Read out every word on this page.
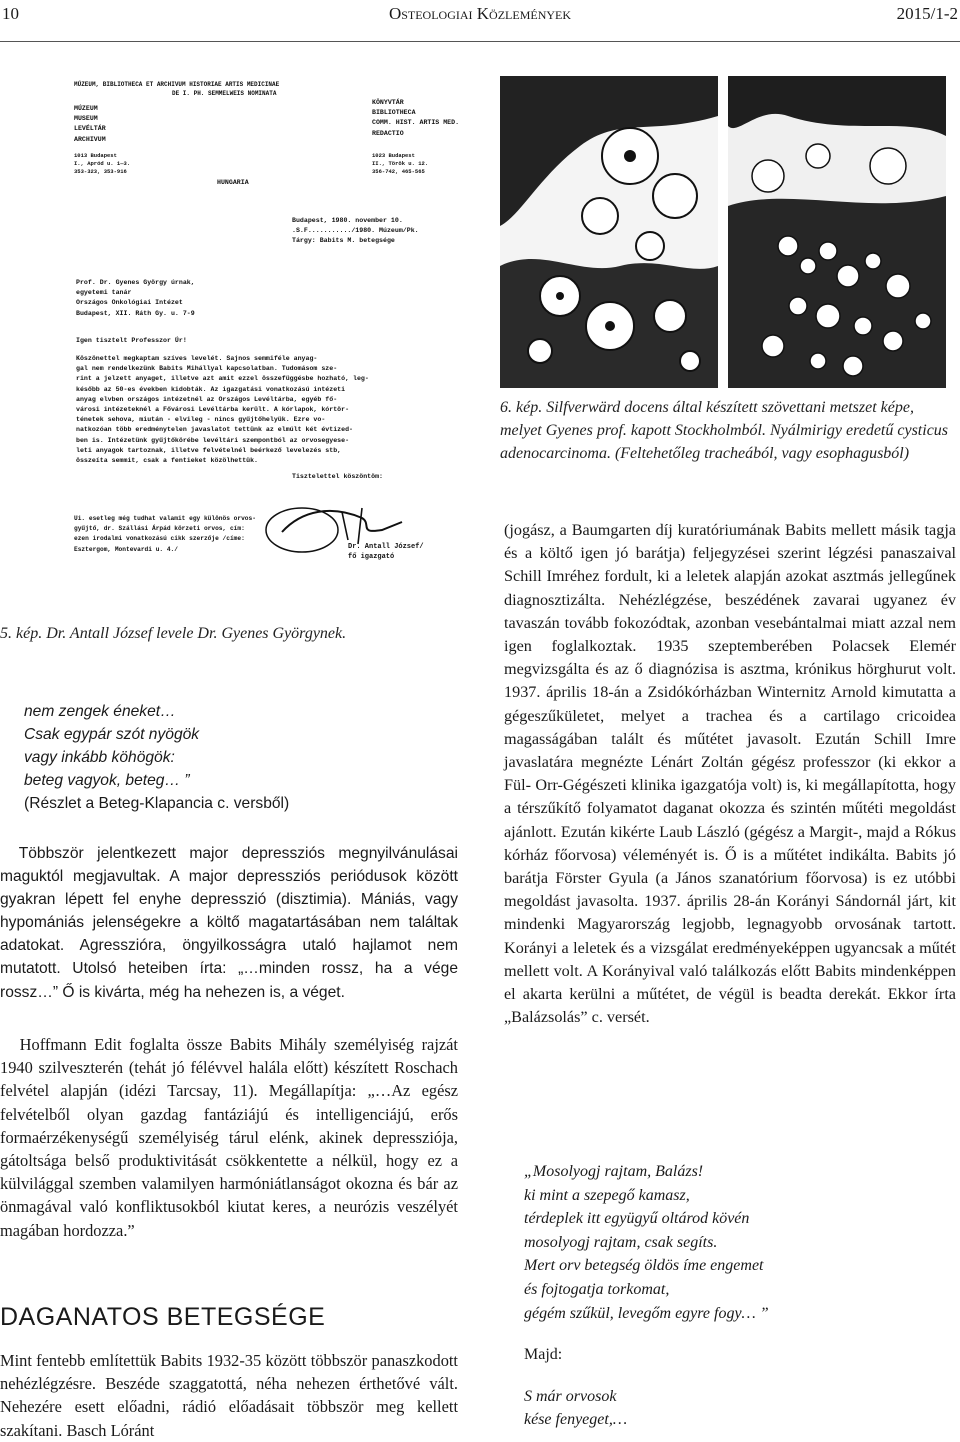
10	Osteologiai Közlemények	2015/1-2
MÚZEUM, BIBLIOTHECA ET ARCHIVUM HISTORIAE ARTIS MEDICINAE
DE I. PH. SEMMELWEIS NOMINATA
MÚZEUM
MUSEUM
LEVÉLTÁR
ARCHIVUM
KÖNYVTÁR
BIBLIOTHECA
COMM. HIST. ARTIS MED.
REDACTIO
1013 Budapest
I., Apród u. 1—3.
353-323, 353-916
1023 Budapest
II., Török u. 12.
356-742, 465-565
HUNGARIA
Budapest, 1980. november 10.
.S.F.........../1980. Múzeum/Pk.
Tárgy: Babits M. betegsége
Prof. Dr. Gyenes György úrnak,
egyetemi tanár
Országos Onkológiai Intézet
Budapest, XII. Ráth Gy. u. 7-9
Igen tisztelt Professzor Úr!
Köszönettel megkaptam szíves levelét. Sajnos semmiféle anyag-
gal nem rendelkezünk Babits Mihállyal kapcsolatban. Tudomásom sze-
rint a jelzett anyaget, illetve azt amit ezzel összefüggésbe hozható, leg-
később az 50-es években kidobták. Az igazgatási vonatkozású intézeti
anyag elvben országos intézetnél az Országos Levéltárba, egyéb fő-
városi intézeteknél a Fővárosi Levéltárba került. A kórlapok, kórtör-
ténetek sehova, miután - elvileg - nincs gyűjtőhelyük. Ezre vo-
natkozóan több eredménytelen javaslatot tettünk az elmúlt két évtized-
ben is. Intézetünk gyűjtőkörébe levéltári szempontból az orvosegyese-
leti anyagok tartoznak, illetve felvételnél beérkező levelezés stb,
összeíta semmit, csak a fentieket közölhettük.
Tisztelettel köszöntöm:
Ui. esetleg még tudhat valamit egy különös orvos-
gyűjtő, dr. Szállási Árpád körzeti orvos, cím:
ezen irodalmi vonatkozású cikk szerzője /címe:
Esztergom, Montevardi u. 4./	Dr. Antall József/
fő igazgató
5. kép. Dr. Antall József levele Dr. Gyenes Györgynek.
6. kép. Silfverwärd docens által készített szövettani metszet képe, melyet Gyenes prof. kapott Stockholmból. Nyálmirigy eredetű cysticus adenocarcinoma. (Feltehetőleg tracheából, vagy esophagusból)
nem zengek éneket…
Csak egypár szót nyögök
vagy inkább köhögök:
beteg vagyok, beteg… ”
(Részlet a Beteg-Klapancia c. versből)

Többször jelentkezett major depressziós megnyilvánulásai maguktól megjavultak. A major depressziós periódusok között gyakran lépett fel enyhe depresszió (disztimia). Mániás, vagy hypomániás jelenségekre a költő magatartásában nem találtak adatokat. Agresszióra, öngyilkosságra utaló hajlamot nem mutatott. Utolsó heteiben írta: „…minden rossz, ha a vége rossz…” Ő is kivárta, még ha nehezen is, a véget.

Hoffmann Edit foglalta össze Babits Mihály személyiség rajzát 1940 szilveszterén (tehát jó félévvel halála előtt) készített Roschach felvétel alapján (idézi Tarcsay, 11). Megállapítja: „…Az egész felvételből olyan gazdag fantáziájú és intelligenciájú, erős formaérzékenységű személyiség tárul elénk, akinek depressziója, gátoltsága belső produktivitását csökkentette a nélkül, hogy ez a külvilággal szemben valamilyen harmóniátlanságot okozna és bár az önmagával való konfliktusokból kiutat keres, a neurózis veszélyét magában hordozza.”

DAGANATOS BETEGSÉGE

Mint fentebb említettük Babits 1932-35 között többször panaszkodott nehézlégzésre. Beszéde szaggatottá, néha nehezen érthetővé vált. Nehezére esett előadni, rádió előadásait többször meg kellett szakítani. Basch Lóránt

(jogász, a Baumgarten díj kuratóriumának Babits mellett másik tagja és a költő igen jó barátja) feljegyzései szerint légzési panaszaival Schill Imréhez fordult, ki a leletek alapján azokat asztmás jellegűnek diagnosztizálta. Nehézlégzése, beszédének zavarai ugyanez év tavaszán tovább fokozódtak, azonban vesebántalmai miatt azzal nem igen foglalkoztak. 1935 szeptemberében Polacsek Elemér megvizsgálta és az ő diagnózisa is asztma, krónikus hörghurut volt. 1937. április 18-án a Zsidókórházban Winternitz Arnold kimutatta a gégeszűkületet, melyet a trachea és a cartilago cricoidea magasságában talált és műtétet javasolt. Ezután Schill Imre javaslatára megnézte Lénárt Zoltán gégész professzor (ki ekkor a Fül- Orr-Gégészeti klinika igazgatója volt) is, ki megállapította, hogy a térszűkítő folyamatot daganat okozza és szintén műtéti megoldást ajánlott. Ezután kikérte Laub László (gégész a Margit-, majd a Rókus kórház főorvosa) véleményét is. Ő is a műtétet indikálta. Babits jó barátja Förster Gyula (a János szanatórium főorvosa) is ez utóbbi megoldást javasolta. 1937. április 28-án Korányi Sándornál járt, kit mindenki Magyarország legjobb, legnagyobb orvosának tartott. Korányi a leletek és a vizsgálat eredményeképpen ugyancsak a műtét mellett volt. A Korányival való találkozás előtt Babits mindenképpen el akarta kerülni a műtétet, de végül is beadta derekát. Ekkor írta „Balázsolás” c. versét.

„Mosolyogj rajtam, Balázs!
ki mint a szepegő kamasz,
térdeplek itt együgyű oltárod kövén
mosolyogj rajtam, csak segíts.
Mert orv betegség öldös íme engemet
és fojtogatja torkomat,
gégém szűkül, levegőm egyre fogy… ”
Majd:
S már orvosok
kése fenyeget,…
